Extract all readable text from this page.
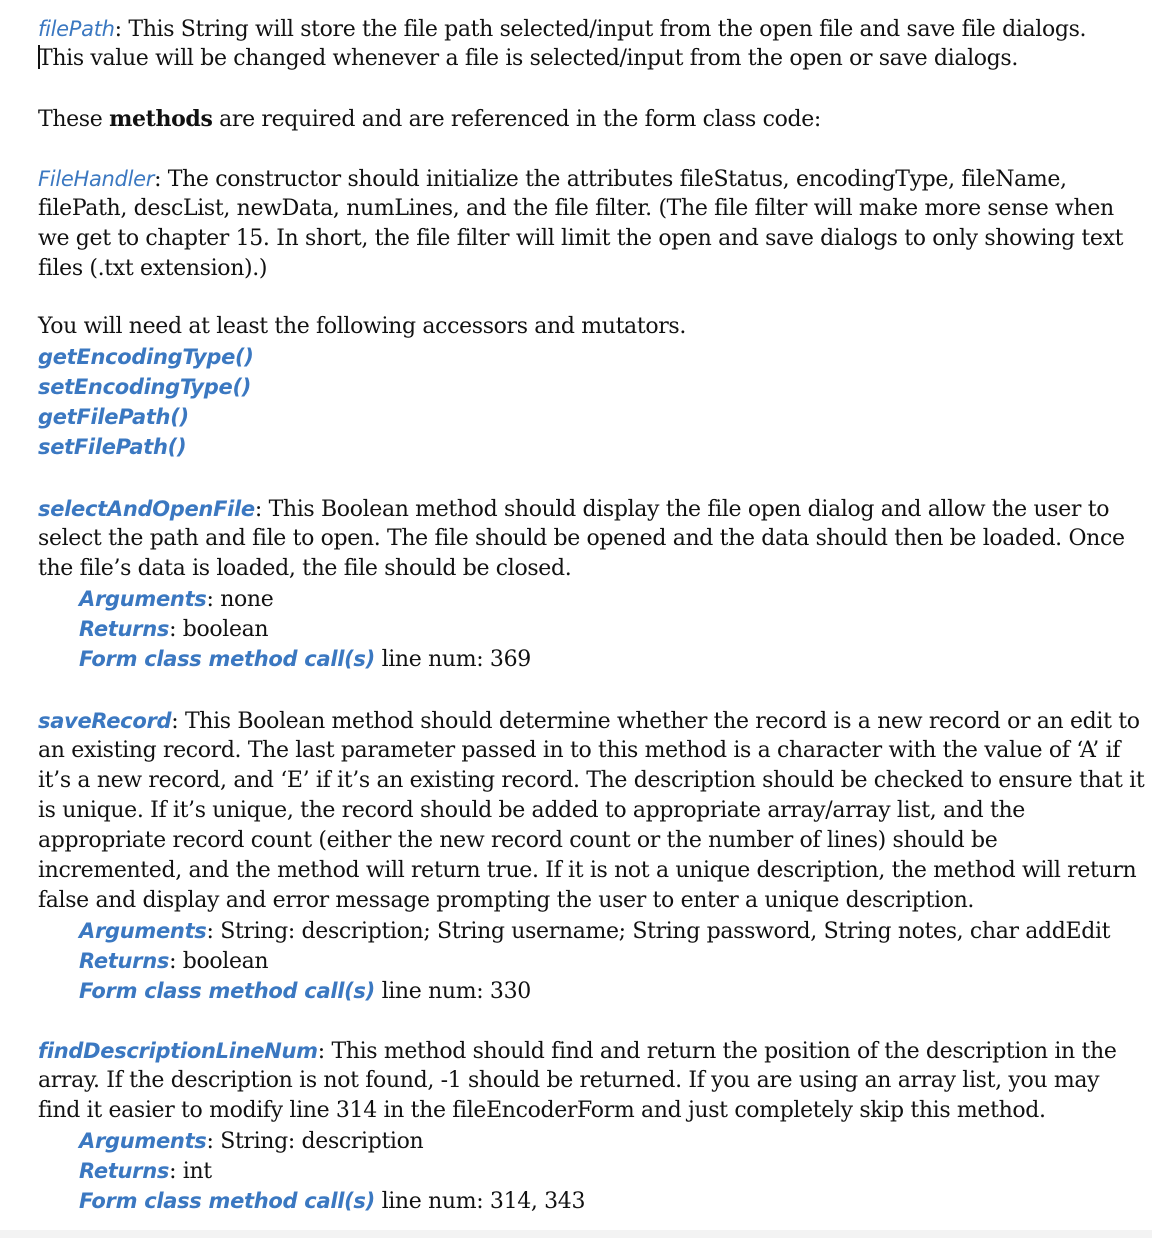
filePath: This String will store the file path selected/input from the open file and save file dialogs.
This value will be changed whenever a file is selected/input from the open or save dialogs.
These methods are required and are referenced in the form class code:
FileHandler: The constructor should initialize the attributes fileStatus, encodingType, fileName,
filePath, descList, newData, numLines, and the file filter. (The file filter will make more sense when
we get to chapter 15. In short, the file filter will limit the open and save dialogs to only showing text
files (.txt extension).)
You will need at least the following accessors and mutators.
getEncodingType()
setEncodingType()
getFilePath()
setFilePath()
selectAndOpenFile: This Boolean method should display the file open dialog and allow the user to
select the path and file to open. The file should be opened and the data should then be loaded. Once
the file’s data is loaded, the file should be closed.
Arguments: none
Returns: boolean
Form class method call(s) line num: 369
saveRecord: This Boolean method should determine whether the record is a new record or an edit to
an existing record. The last parameter passed in to this method is a character with the value of ‘A’ if
it’s a new record, and ‘E’ if it’s an existing record. The description should be checked to ensure that it
is unique. If it’s unique, the record should be added to appropriate array/array list, and the
appropriate record count (either the new record count or the number of lines) should be
incremented, and the method will return true. If it is not a unique description, the method will return
false and display and error message prompting the user to enter a unique description.
Arguments: String: description; String username; String password, String notes, char addEdit
Returns: boolean
Form class method call(s) line num: 330
findDescriptionLineNum: This method should find and return the position of the description in the
array. If the description is not found, -1 should be returned. If you are using an array list, you may
find it easier to modify line 314 in the fileEncoderForm and just completely skip this method.
Arguments: String: description
Returns: int
Form class method call(s) line num: 314, 343
